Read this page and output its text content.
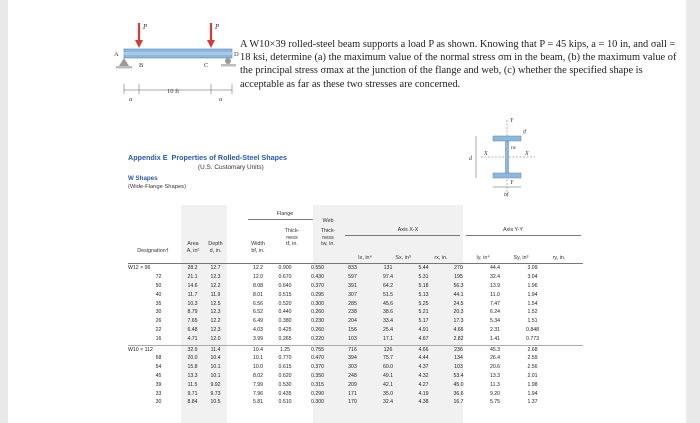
P	P
A
B	C
D
a
10 ft
a
A W10×39 rolled-steel beam supports a load P as shown. Knowing that P = 45 kips, a = 10 in, and σall = 18 ksi, determine (a) the maximum value of the normal stress σm in the beam, (b) the maximum value of the principal stress σmax at the junction of the flange and web, (c) whether the specified shape is acceptable as far as these two stresses are concerned.
Y
tf
tw
X	X
d
Y
bf
Appendix E Properties of Rolled-Steel Shapes
(U.S. Customary Units)
W Shapes
(Wide-Flange Shapes)
Flange
Web
Axis X-X	Axis Y-Y
Designation†
Area
A, in²
Depth
d, in.
Width
bf, in.
Thick-
ness
tf, in.
Thick-
ness
tw, in.
Ix, in⁴	Sx, in³	rx, in.	Iy, in⁴	Sy, in³	ry, in.
W12 × 96	28.2	12.7		12.2	0.900	0.550	833	131	5.44	270	44.4	3.09
72	21.1	12.3		12.0	0.670	0.430	597	97.4	5.31	195	32.4	3.04
50	14.6	12.2		8.08	0.640	0.370	391	64.2	5.18	56.3	13.9	1.96
40	11.7	11.9		8.01	0.515	0.295	307	51.5	5.13	44.1	11.0	1.94
35	10.3	12.5		6.56	0.520	0.300	285	45.6	5.25	24.5	7.47	1.54
30	8.79	12.3		6.52	0.440	0.260	238	38.6	5.21	20.3	6.24	1.52
26	7.65	12.2		6.49	0.380	0.230	204	33.4	5.17	17.3	5.34	1.51
22	6.48	12.3		4.03	0.425	0.260	156	25.4	4.91	4.66	2.31	0.848
16	4.71	12.0		3.99	0.265	0.220	103	17.1	4.67	2.82	1.41	0.773
W10 × 112	32.9	11.4		10.4	1.25	0.755	716	126	4.66	236	45.3	2.68
68	20.0	10.4		10.1	0.770	0.470	394	75.7	4.44	134	26.4	2.59
54	15.8	10.1		10.0	0.615	0.370	303	60.0	4.37	103	20.6	2.56
45	13.3	10.1		8.02	0.620	0.350	248	49.1	4.32	53.4	13.3	2.01
39	11.5	9.92		7.99	0.530	0.315	209	42.1	4.27	45.0	11.3	1.98
33	9.71	9.73		7.96	0.435	0.290	171	35.0	4.19	36.6	9.20	1.94
30	8.84	10.5		5.81	0.510	0.300	170	32.4	4.38	16.7	5.75	1.37
